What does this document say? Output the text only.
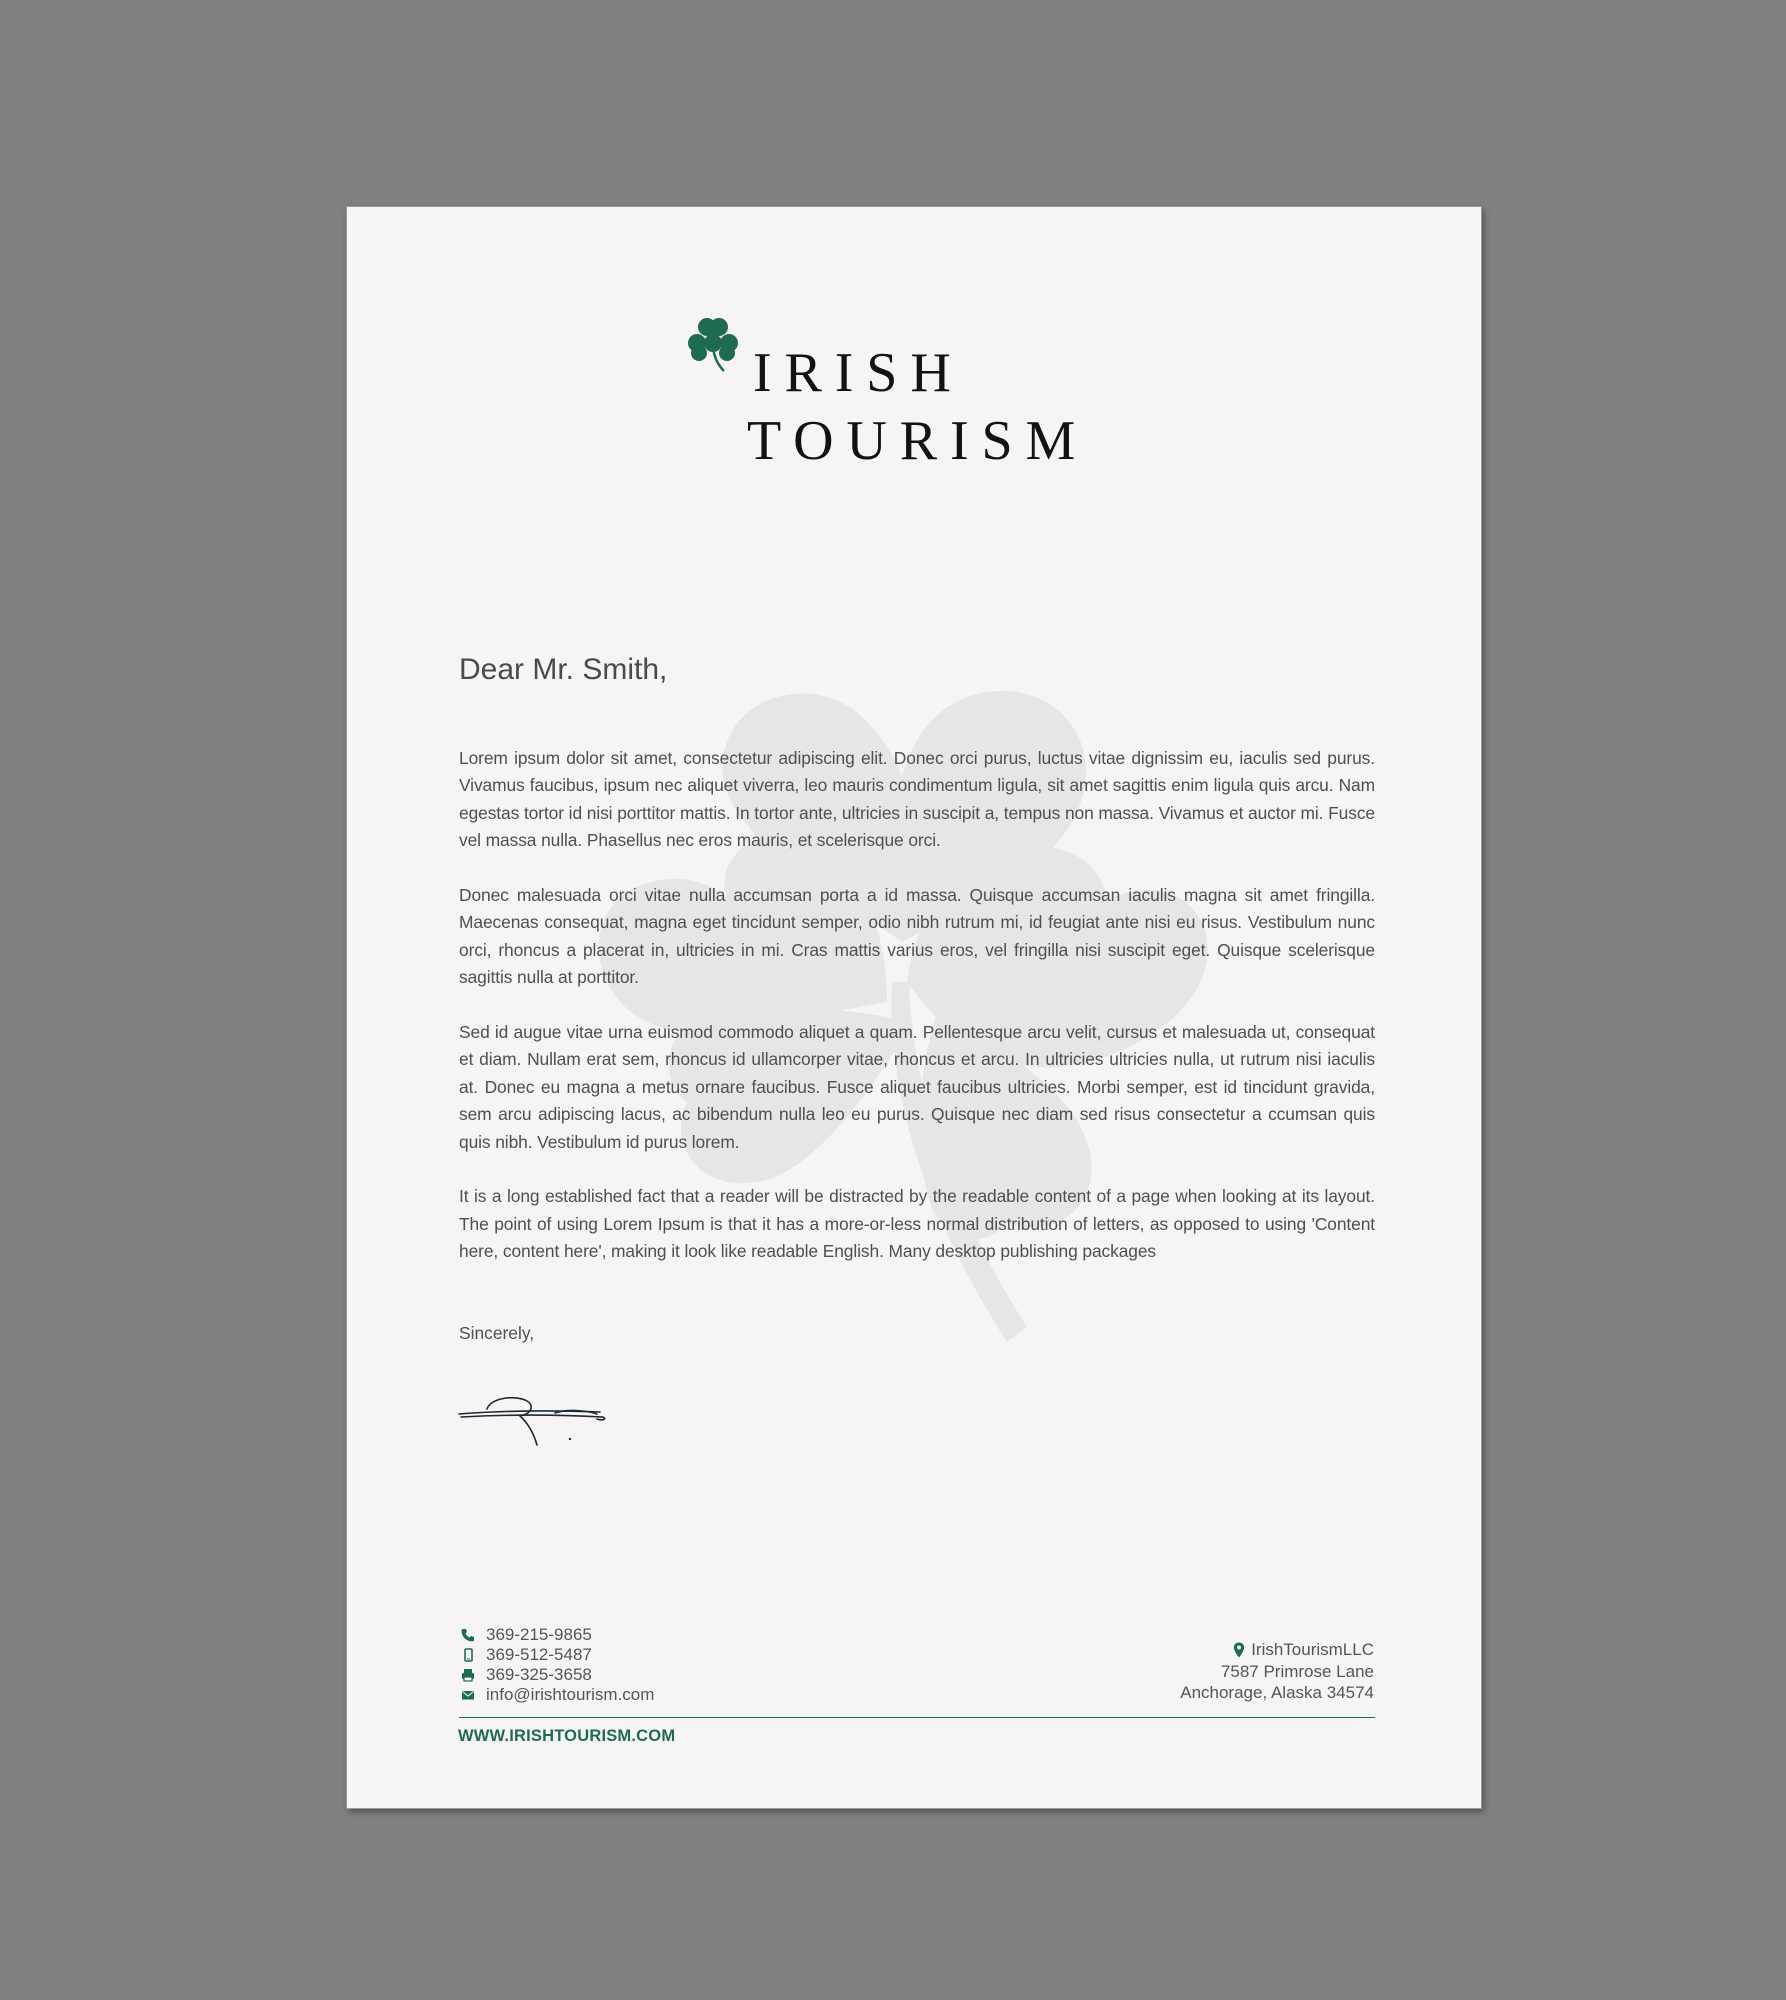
IRISH
TOURISM
Dear Mr. Smith,

Lorem ipsum dolor sit amet, consectetur adipiscing elit. Donec orci purus, luctus vitae dignissim eu, iaculis sed purus. Vivamus faucibus, ipsum nec aliquet viverra, leo mauris condimentum ligula, sit amet sagittis enim ligula quis arcu. Nam egestas tortor id nisi porttitor mattis. In tortor ante, ultricies in suscipit a, tempus non massa. Vivamus et auctor mi. Fusce vel massa nulla. Phasellus nec eros mauris, et scelerisque orci.

Donec malesuada orci vitae nulla accumsan porta a id massa. Quisque accumsan iaculis magna sit amet fringilla. Maecenas consequat, magna eget tincidunt semper, odio nibh rutrum mi, id feugiat ante nisi eu risus. Vestibulum nunc orci, rhoncus a placerat in, ultricies in mi. Cras mattis varius eros, vel fringilla nisi suscipit eget. Quisque scelerisque sagittis nulla at porttitor.

Sed id augue vitae urna euismod commodo aliquet a quam. Pellentesque arcu velit, cursus et malesuada ut, consequat et diam. Nullam erat sem, rhoncus id ullamcorper vitae, rhoncus et arcu. In ultricies ultricies nulla, ut rutrum nisi iaculis at. Donec eu magna a metus ornare faucibus. Fusce aliquet faucibus ultricies. Morbi semper, est id tincidunt gravida, sem arcu adipiscing lacus, ac bibendum nulla leo eu purus. Quisque nec diam sed risus consectetur a ccumsan quis quis nibh. Vestibulum id purus lorem.

It is a long established fact that a reader will be distracted by the readable content of a page when looking at its layout. The point of using Lorem Ipsum is that it has a more-or-less normal distribution of letters, as opposed to using 'Content here, content here', making it look like readable English. Many desktop publishing packages

Sincerely,
369-215-9865
369-512-5487
369-325-3658
info@irishtourism.com
IrishTourismLLC
7587 Primrose Lane
Anchorage, Alaska 34574
WWW.IRISHTOURISM.COM
